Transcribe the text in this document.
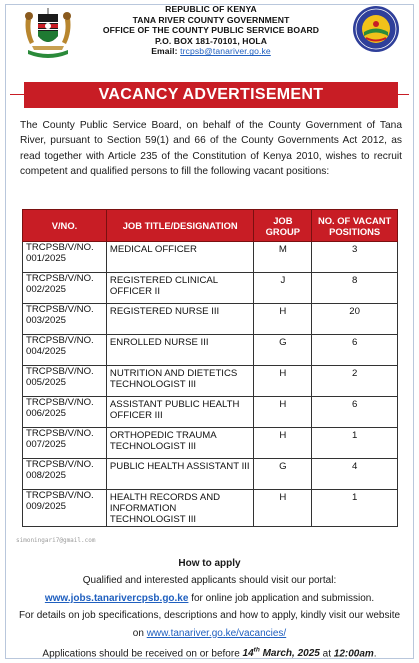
REPUBLIC OF KENYA
TANA RIVER COUNTY GOVERNMENT
OFFICE OF THE COUNTY PUBLIC SERVICE BOARD
P.O. BOX 181-70101, HOLA
Email: trcpsb@tanariver.go.ke
VACANCY ADVERTISEMENT

The County Public Service Board, on behalf of the County Government of Tana River, pursuant to Section 59(1) and 66 of the County Governments Act 2012, as read together with Article 235 of the Constitution of Kenya 2010, wishes to recruit competent and qualified persons to fill the following vacant positions:

V/NO.	JOB TITLE/DESIGNATION	JOB GROUP	NO. OF VACANT POSITIONS
TRCPSB/V/NO. 001/2025	MEDICAL OFFICER	M	3
TRCPSB/V/NO. 002/2025	REGISTERED CLINICAL OFFICER II	J	8
TRCPSB/V/NO. 003/2025	REGISTERED NURSE III	H	20
TRCPSB/V/NO. 004/2025	ENROLLED NURSE III	G	6
TRCPSB/V/NO. 005/2025	NUTRITION AND DIETETICS TECHNOLOGIST III	H	2
TRCPSB/V/NO. 006/2025	ASSISTANT PUBLIC HEALTH OFFICER III	H	6
TRCPSB/V/NO. 007/2025	ORTHOPEDIC TRAUMA TECHNOLOGIST III	H	1
TRCPSB/V/NO. 008/2025	PUBLIC HEALTH ASSISTANT III	G	4
TRCPSB/V/NO. 009/2025	HEALTH RECORDS AND INFORMATION TECHNOLOGIST III	H	1
simoningari7@gmail.com
How to apply
Qualified and interested applicants should visit our portal:
www.jobs.tanarivercpsb.go.ke for online job application and submission.
For details on job specifications, descriptions and how to apply, kindly visit our website
on www.tanariver.go.ke/vacancies/
Applications should be received on or before 14th March, 2025 at 12:00am.
